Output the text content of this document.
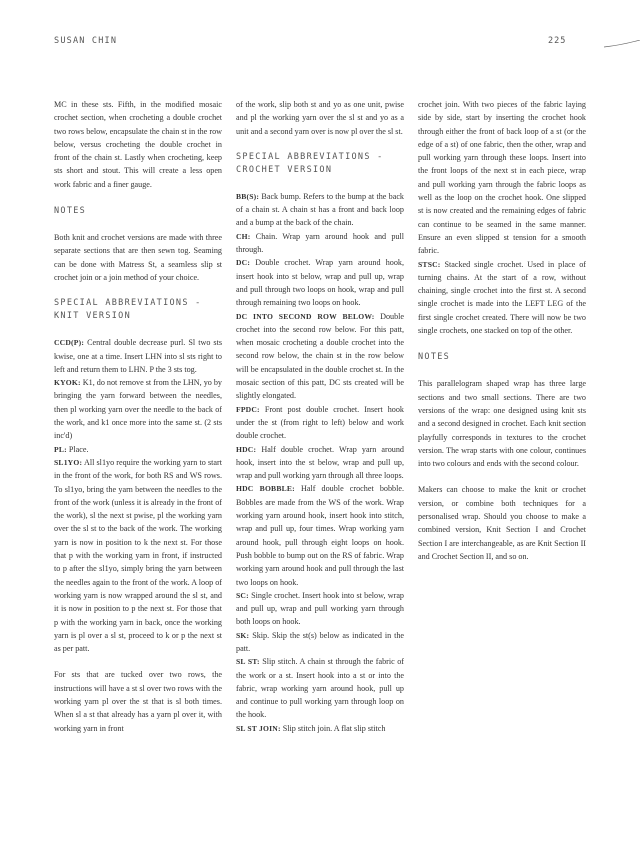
SUSAN CHIN	225

MC in these sts. Fifth, in the modified mosaic crochet section, when crocheting a double crochet two rows below, encapsulate the chain st in the row below, versus crocheting the double crochet in front of the chain st. Lastly when crocheting, keep sts short and stout. This will create a less open work fabric and a finer gauge.

NOTES

Both knit and crochet versions are made with three separate sections that are then sewn tog. Seaming can be done with Matress St, a seamless slip st crochet join or a join method of your choice.

SPECIAL ABBREVIATIONS - KNIT VERSION

CCD(P): Central double decrease purl. Sl two sts kwise, one at a time. Insert LHN into sl sts right to left and return them to LHN. P the 3 sts tog.

KYOK: K1, do not remove st from the LHN, yo by bringing the yarn forward between the needles, then pl working yarn over the needle to the back of the work, and k1 once more into the same st. (2 sts inc'd)

PL: Place.

SL1YO: All sl1yo require the working yarn to start in the front of the work, for both RS and WS rows. To sl1yo, bring the yarn between the needles to the front of the work (unless it is already in the front of the work), sl the next st pwise, pl the working yarn over the sl st to the back of the work. The working yarn is now in position to k the next st. For those that p with the working yarn in front, if instructed to p after the sl1yo, simply bring the yarn between the needles again to the front of the work. A loop of working yarn is now wrapped around the sl st, and it is now in position to p the next st. For those that p with the working yarn in back, once the working yarn is pl over a sl st, proceed to k or p the next st as per patt.

For sts that are tucked over two rows, the instructions will have a st sl over two rows with the working yarn pl over the st that is sl both times. When sl a st that already has a yarn pl over it, with working yarn in front

of the work, slip both st and yo as one unit, pwise and pl the working yarn over the sl st and yo as a unit and a second yarn over is now pl over the sl st.

SPECIAL ABBREVIATIONS - CROCHET VERSION

BB(S): Back bump. Refers to the bump at the back of a chain st. A chain st has a front and back loop and a bump at the back of the chain.

CH: Chain. Wrap yarn around hook and pull through.

DC: Double crochet. Wrap yarn around hook, insert hook into st below, wrap and pull up, wrap and pull through two loops on hook, wrap and pull through remaining two loops on hook.

DC INTO SECOND ROW BELOW: Double crochet into the second row below. For this patt, when mosaic crocheting a double crochet into the second row below, the chain st in the row below will be encapsulated in the double crochet st. In the mosaic section of this patt, DC sts created will be slightly elongated.

FPDC: Front post double crochet. Insert hook under the st (from right to left) below and work double crochet.

HDC: Half double crochet. Wrap yarn around hook, insert into the st below, wrap and pull up, wrap and pull working yarn through all three loops.

HDC BOBBLE: Half double crochet bobble. Bobbles are made from the WS of the work. Wrap working yarn around hook, insert hook into stitch, wrap and pull up, four times. Wrap working yarn around hook, pull through eight loops on hook. Push bobble to bump out on the RS of fabric. Wrap working yarn around hook and pull through the last two loops on hook.

SC: Single crochet. Insert hook into st below, wrap and pull up, wrap and pull working yarn through both loops on hook.

SK: Skip. Skip the st(s) below as indicated in the patt.

SL ST: Slip stitch. A chain st through the fabric of the work or a st. Insert hook into a st or into the fabric, wrap working yarn around hook, pull up and continue to pull working yarn through loop on the hook.

SL ST JOIN: Slip stitch join. A flat slip stitch

crochet join. With two pieces of the fabric laying side by side, start by inserting the crochet hook through either the front of back loop of a st (or the edge of a st) of one fabric, then the other, wrap and pull working yarn through these loops. Insert into the front loops of the next st in each piece, wrap and pull working yarn through the fabric loops as well as the loop on the crochet hook. One slipped st is now created and the remaining edges of fabric can continue to be seamed in the same manner. Ensure an even slipped st tension for a smooth fabric.

STSC: Stacked single crochet. Used in place of turning chains. At the start of a row, without chaining, single crochet into the first st. A second single crochet is made into the LEFT LEG of the first single crochet created. There will now be two single crochets, one stacked on top of the other.

NOTES

This parallelogram shaped wrap has three large sections and two small sections. There are two versions of the wrap: one designed using knit sts and a second designed in crochet. Each knit section playfully corresponds in textures to the crochet version. The wrap starts with one colour, continues into two colours and ends with the second colour.

Makers can choose to make the knit or crochet version, or combine both techniques for a personalised wrap. Should you choose to make a combined version, Knit Section I and Crochet Section I are interchangeable, as are Knit Section II and Crochet Section II, and so on.
